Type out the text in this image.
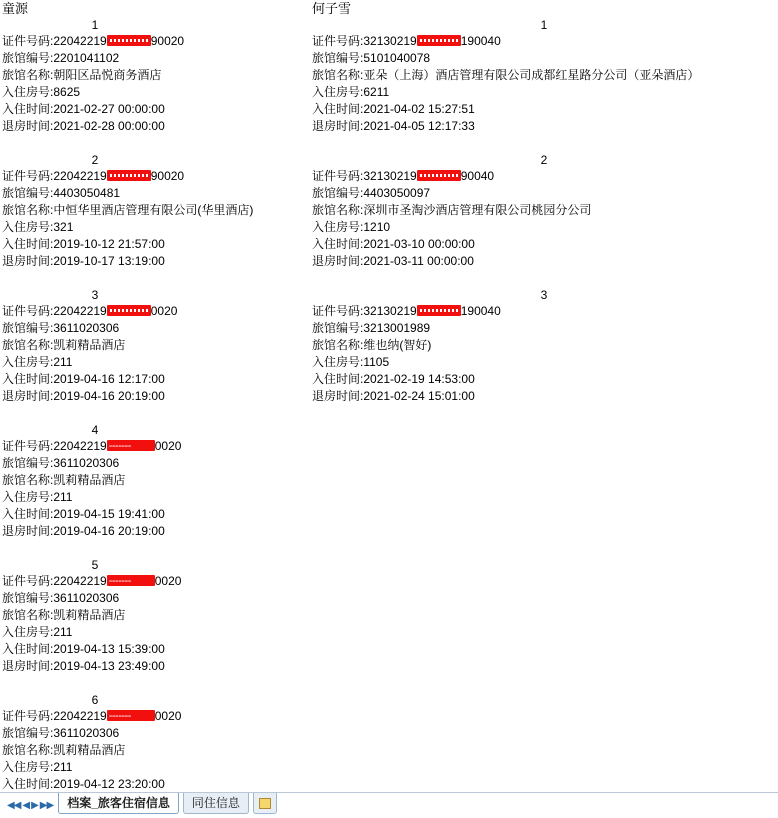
童源
1
证件号码:22042219	90020
旅馆编号:2201041102
旅馆名称:朝阳区品悦商务酒店
入住房号:8625
入住时间:2021-02-27 00:00:00
退房时间:2021-02-28 00:00:00
2
证件号码:22042219	90020
旅馆编号:4403050481
旅馆名称:中恒华里酒店管理有限公司(华里酒店)
入住房号:321
入住时间:2019-10-12 21:57:00
退房时间:2019-10-17 13:19:00
3
证件号码:22042219	0020
旅馆编号:3611020306
旅馆名称:凯莉精品酒店
入住房号:211
入住时间:2019-04-16 12:17:00
退房时间:2019-04-16 20:19:00
4
证件号码:22042219 -------	0020
旅馆编号:3611020306
旅馆名称:凯莉精品酒店
入住房号:211
入住时间:2019-04-15 19:41:00
退房时间:2019-04-16 20:19:00
5
证件号码:22042219 -------	0020
旅馆编号:3611020306
旅馆名称:凯莉精品酒店
入住房号:211
入住时间:2019-04-13 15:39:00
退房时间:2019-04-13 23:49:00
6
证件号码:22042219 -------	0020
旅馆编号:3611020306
旅馆名称:凯莉精品酒店
入住房号:211
入住时间:2019-04-12 23:20:00
何子雪
1
证件号码:32130219	190040
旅馆编号:5101040078
旅馆名称:亚朵（上海）酒店管理有限公司成都红星路分公司（亚朵酒店）
入住房号:6211
入住时间:2021-04-02 15:27:51
退房时间:2021-04-05 12:17:33
2
证件号码:32130219	90040
旅馆编号:4403050097
旅馆名称:深圳市圣淘沙酒店管理有限公司桃园分公司
入住房号:1210
入住时间:2021-03-10 00:00:00
退房时间:2021-03-11 00:00:00
3
证件号码:32130219	190040
旅馆编号:3213001989
旅馆名称:维也纳(智好)
入住房号:1105
入住时间:2021-02-19 14:53:00
退房时间:2021-02-24 15:01:00
◀◀ ◀ ▶ ▶▶	档案_旅客住宿信息	同住信息
